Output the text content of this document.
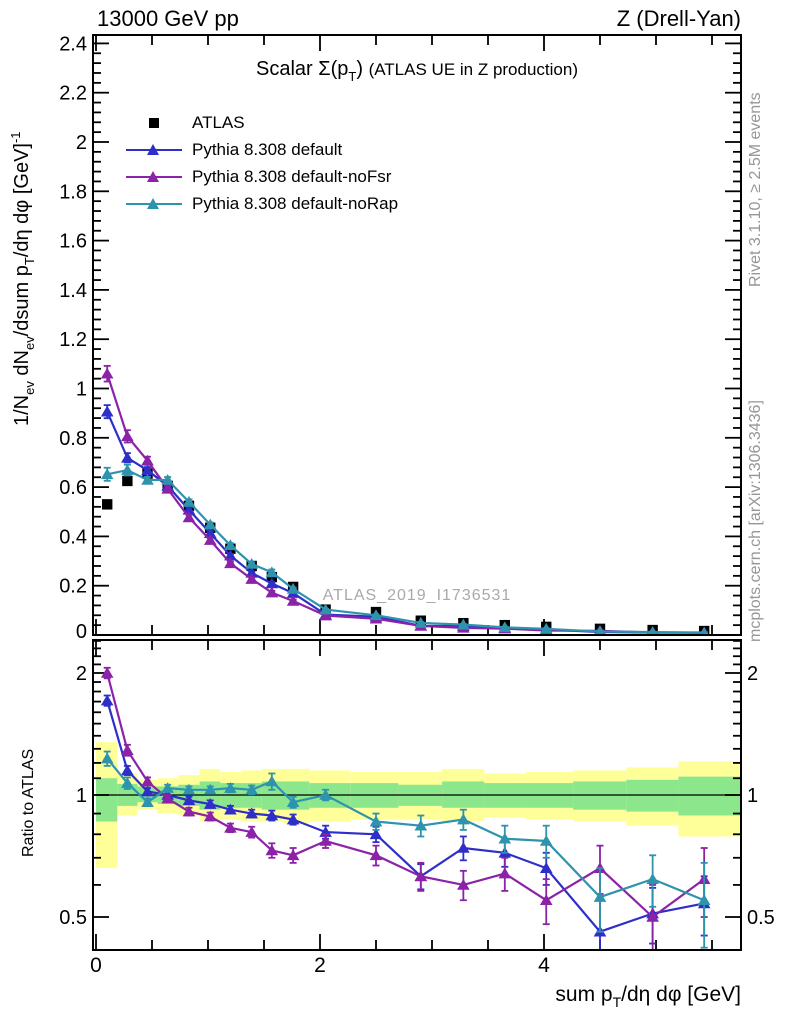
0
0.2
0.4
0.6
0.8
1
1.2
1.4
1.6
1.8
2
2.2
2.4
0.5	0.5
1	1
2	2
0	2	4
13000 GeV pp	Z (Drell-Yan)
Scalar $\Sigma(p_T)$ (ATLAS UE in Z production)
ATLAS
Pythia 8.308 default
Pythia 8.308 default-noFsr
Pythia 8.308 default-noRap
$1/N_{ev}$ $dN_{ev}$/dsum $p_T/d\eta$ dφ [GeV]$^{-1}$
Ratio to ATLAS
Rivet 3.1.10, ≥ 2.5M events
mcplots.cern.ch [arXiv:1306.3436]
ATLAS_2019_I1736531
sum $p_T/d\eta$ dφ [GeV]
